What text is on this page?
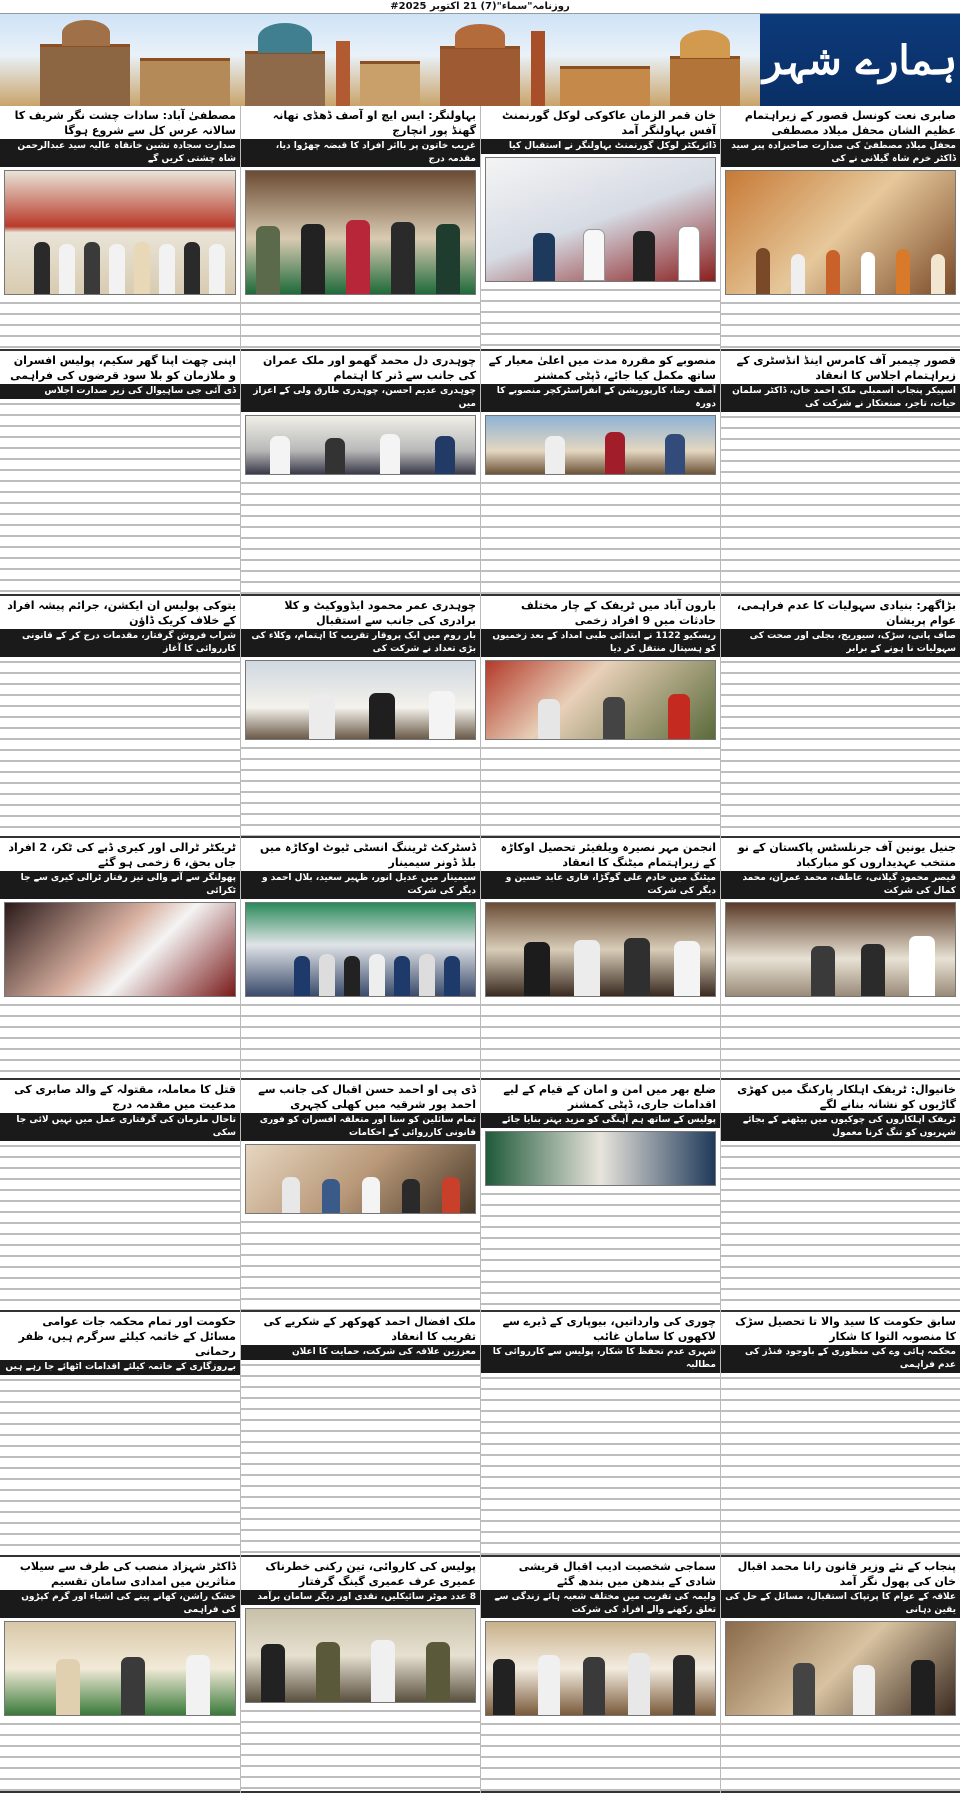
روزنامہ"سماء"(7) 21 اکتوبر 2025#
ہمارے شہر
صابری نعت کونسل قصور کے زیراہتمام عظیم الشان محفل میلاد مصطفی
محفل میلاد مصطفیٰ کی صدارت صاحبزادہ پیر سید ڈاکٹر خرم شاہ گیلانی نے کی
قصور چیمبر آف کامرس اینڈ انڈسٹری کے زیراہتمام اجلاس کا انعقاد
اسپیکر پنجاب اسمبلی ملک احمد خان، ڈاکٹر سلمان حیات، تاجر، صنعتکار نے شرکت کی
بڑاگھر: بنیادی سہولیات کا عدم فراہمی، عوام پریشان
صاف پانی، سڑک، سیوریج، بجلی اور صحت کی سہولیات نا ہونے کے برابر
جنیل یونین آف جرنلسٹس پاکستان کے نو منتخب عہدیداروں کو مبارکباد
قیصر محمود گیلانی، عاطف، محمد عمران، محمد کمال کی شرکت
خانیوال: ٹریفک اہلکار پارکنگ میں کھڑی گاڑیوں کو نشانہ بنانے لگے
ٹریفک اہلکاروں کی چوکیوں میں بیٹھنے کے بجائے شہریوں کو تنگ کرنا معمول
سابق حکومت کا سید والا تا تحصیل سڑک کا منصوبہ التوا کا شکار
محکمہ ہائی وے کی منظوری کے باوجود فنڈز کی عدم فراہمی
پنجاب کے نئے وزیر قانون رانا محمد اقبال خان کی پھول نگر آمد
علاقہ کے عوام کا پرتپاک استقبال، مسائل کے حل کی یقین دہانی
خان قمر الزمان عاکوکی لوکل گورنمنٹ آفس بہاولنگر آمد
ڈائریکٹر لوکل گورنمنٹ بہاولنگر نے استقبال کیا
منصوبے کو مقررہ مدت میں اعلیٰ معیار کے ساتھ مکمل کیا جائے، ڈپٹی کمشنر
آصف رضا، کارپوریشن کے انفراسٹرکچر منصوبے کا دورہ
بارون آباد میں ٹریفک کے چار مختلف حادثات میں 9 افراد زخمی
ریسکیو 1122 نے ابتدائی طبی امداد کے بعد زخمیوں کو ہسپتال منتقل کر دیا
انجمن مہر نصیرہ ویلفیئر تحصیل اوکاڑہ کے زیراہتمام میٹنگ کا انعقاد
میٹنگ میں خادم علی گوگڑا، قاری عابد حسین و دیگر کی شرکت
ضلع بھر میں امن و امان کے قیام کے لیے اقدامات جاری، ڈپٹی کمشنر
پولیس کے ساتھ ہم آہنگی کو مزید بہتر بنایا جائے
چوری کی وارداتیں، بیوپاری کے ڈیرے سے لاکھوں کا سامان غائب
شہری عدم تحفظ کا شکار، پولیس سے کارروائی کا مطالبہ
سماجی شخصیت ادیب اقبال قریشی شادی کے بندھن میں بندھ گئے
ولیمہ کی تقریب میں مختلف شعبہ ہائے زندگی سے تعلق رکھنے والے افراد کی شرکت
بہاولنگر: ایس ایچ او آصف ڈھڈی تھانہ گھنڈ پور انچارج
غریب خاتون پر بااثر افراد کا قبضہ چھڑوا دیا، مقدمہ درج
چوہدری دل محمد گھمو اور ملک عمران کی جانب سے ڈنر کا اہتمام
چوہدری عدیم احسن، چوہدری طارق ولی کے اعزاز میں
چوہدری عمر محمود ایڈووکیٹ و کلا برادری کی جانب سے استقبال
بار روم میں ایک پروقار تقریب کا اہتمام، وکلاء کی بڑی تعداد نے شرکت کی
ڈسٹرکٹ ٹریننگ انسٹی ٹیوٹ اوکاڑہ میں بلڈ ڈونر سیمینار
سیمینار میں عدیل انور، ظہیر سعید، بلال احمد و دیگر کی شرکت
ڈی پی او احمد حسن اقبال کی جانب سے احمد پور شرقیہ میں کھلی کچہری
تمام سائلین کو سنا اور متعلقہ افسران کو فوری قانونی کارروائی کے احکامات
ملک افضال احمد کھوکھر کے شکریے کی تقریب کا انعقاد
معززین علاقہ کی شرکت، حمایت کا اعلان
پولیس کی کاروائی، تین رکنی خطرناک عمیری عرف عمیری گینگ گرفتار
8 عدد موٹر سائیکلیں، نقدی اور دیگر سامان برآمد
مصطفیٰ آباد: سادات چشت نگر شریف کا سالانہ عرس کل سے شروع ہوگا
صدارت سجادہ نشین خانقاہ عالیہ سید عبدالرحمن شاہ چشتی کریں گے
اپنی چھت اپنا گھر سکیم، پولیس افسران و ملازمان کو بلا سود قرضوں کی فراہمی
ڈی آئی جی ساہیوال کی زیر صدارت اجلاس
یتوکی پولیس ان ایکشن، جرائم پیشہ افراد کے خلاف کریک ڈاؤن
شراب فروش گرفتار، مقدمات درج کر کے قانونی کارروائی کا آغاز
ٹریکٹر ٹرالی اور کیری ڈبے کی ٹکر، 2 افراد جاں بحق، 6 زخمی ہو گئے
پھولنگر سے آنے والی تیز رفتار ٹرالی کیری سے جا ٹکرائی
قتل کا معاملہ، مقتولہ کے والد صابری کی مدعیت میں مقدمہ درج
تاحال ملزمان کی گرفتاری عمل میں نہیں لائی جا سکی
حکومت اور تمام محکمہ جات عوامی مسائل کے خاتمہ کیلئے سرگرم ہیں، ظفر رحمانی
بےروزگاری کے خاتمہ کیلئے اقدامات اٹھائے جا رہے ہیں
ڈاکٹر شہزاد منصب کی طرف سے سیلاب متاثرین میں امدادی سامان تقسیم
خشک راشن، کھانے پینے کی اشیاء اور گرم کپڑوں کی فراہمی
